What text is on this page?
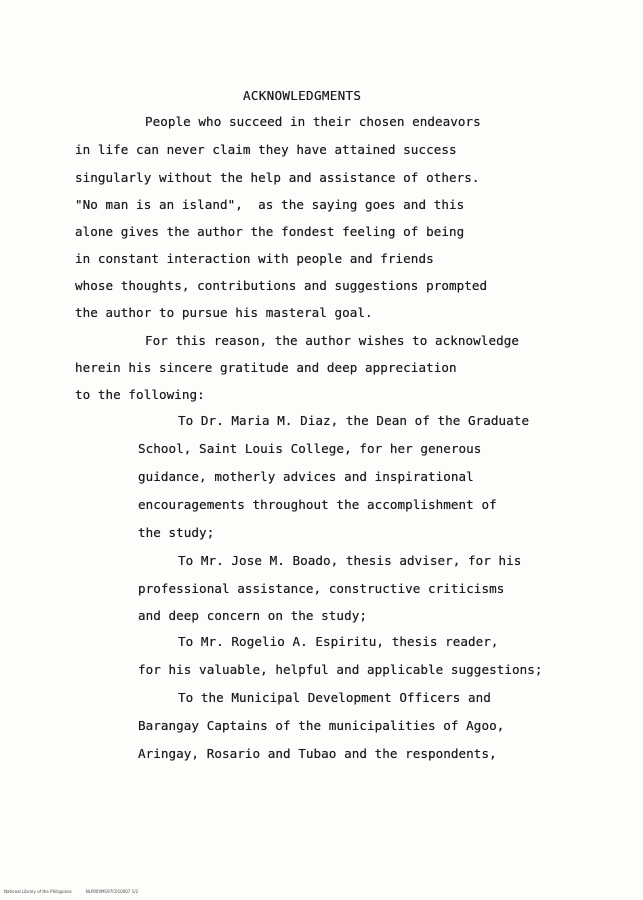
ACKNOWLEDGMENTS
People who succeed in their chosen endeavors
in life can never claim they have attained success
singularly without the help and assistance of others.
"No man is an island",  as the saying goes and this
alone gives the author the fondest feeling of being
in constant interaction with people and friends
whose thoughts, contributions and suggestions prompted
the author to pursue his masteral goal.
For this reason, the author wishes to acknowledge
herein his sincere gratitude and deep appreciation
to the following:
To Dr. Maria M. Diaz, the Dean of the Graduate
School, Saint Louis College, for her generous
guidance, motherly advices and inspirational
encouragements throughout the accomplishment of
the study;
To Mr. Jose M. Boado, thesis adviser, for his
professional assistance, constructive criticisms
and deep concern on the study;
To Mr. Rogelio A. Espiritu, thesis reader,
for his valuable, helpful and applicable suggestions;
To the Municipal Development Officers and
Barangay Captains of the municipalities of Agoo,
Aringay, Rosario and Tubao and the respondents,
National Library of the Philippines	NLP00VM197C010007 1/2
